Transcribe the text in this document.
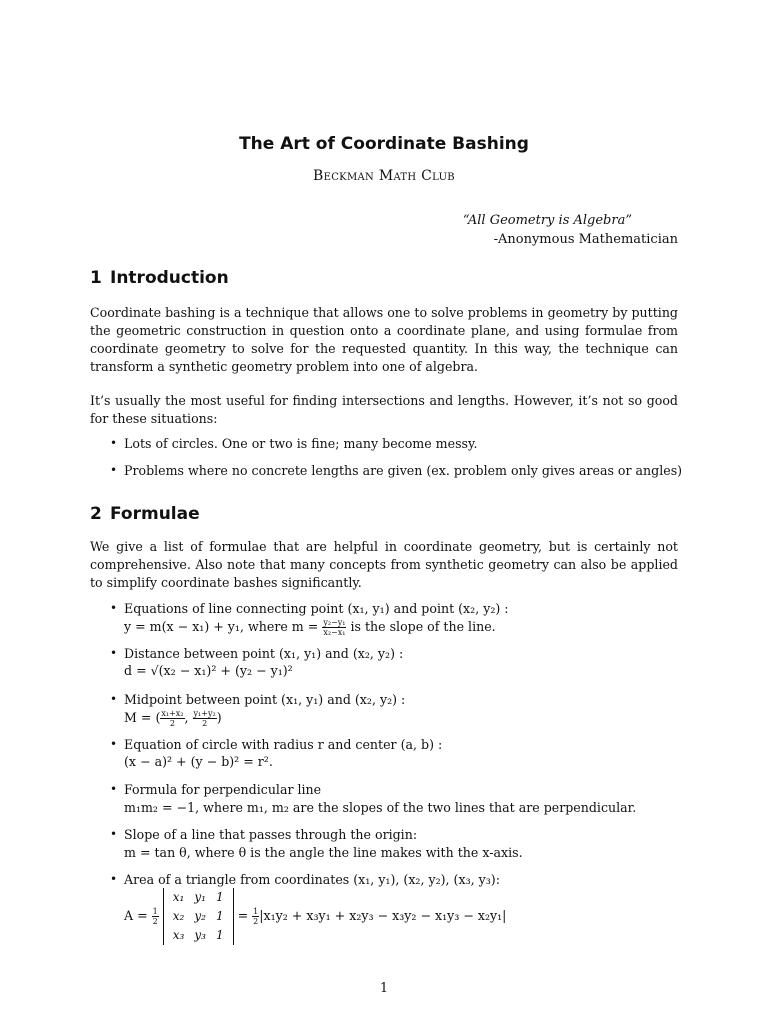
The Art of Coordinate Bashing
Beckman Math Club
“All Geometry is Algebra”
-Anonymous Mathematician
1 Introduction
Coordinate bashing is a technique that allows one to solve problems in geometry by putting the geometric construction in question onto a coordinate plane, and using formulae from coordinate geometry to solve for the requested quantity. In this way, the technique can transform a synthetic geometry problem into one of algebra.
It’s usually the most useful for finding intersections and lengths. However, it’s not so good for these situations:
• Lots of circles. One or two is fine; many become messy.
• Problems where no concrete lengths are given (ex. problem only gives areas or angles)
2 Formulae
We give a list of formulae that are helpful in coordinate geometry, but is certainly not comprehensive. Also note that many concepts from synthetic geometry can also be applied to simplify coordinate bashes significantly.
• Equations of line connecting point (x₁, y₁) and point (x₂, y₂) :
y = m(x − x₁) + y₁, where $m = \frac{\text{y₂−y₁}}{\text{x₂−x₁}}$ is the slope of the line.
• Distance between point (x₁, y₁) and (x₂, y₂) :
d = √(x₂ − x₁)² + (y₂ − y₁)²
• Midpoint between point (x₁, y₁) and (x₂, y₂) :
M = ( $\frac{\text{x₁+x₂}}{2}$ , $\frac{\text{y₁+y₂}}{2}$ )
• Equation of circle with radius r and center (a, b) :
(x − a)² + (y − b)² = r².
• Formula for perpendicular line
m₁m₂ = −1, where m₁, m₂ are the slopes of the two lines that are perpendicular.
• Slope of a line that passes through the origin:
m = tan θ, where θ is the angle the line makes with the x-axis.
• Area of a triangle from coordinates (x₁, y₁), (x₂, y₂), (x₃, y₃):
$A = \frac{1}{2}$
x₁	y₁	1
x₂	y₂	1
x₃	y₃	$1 = \frac{1}{2} |x_1y_2 + x_3y_1 + x_2y_3 - x_3y_2 - x_1y_3 - x_2y_1|$
1
